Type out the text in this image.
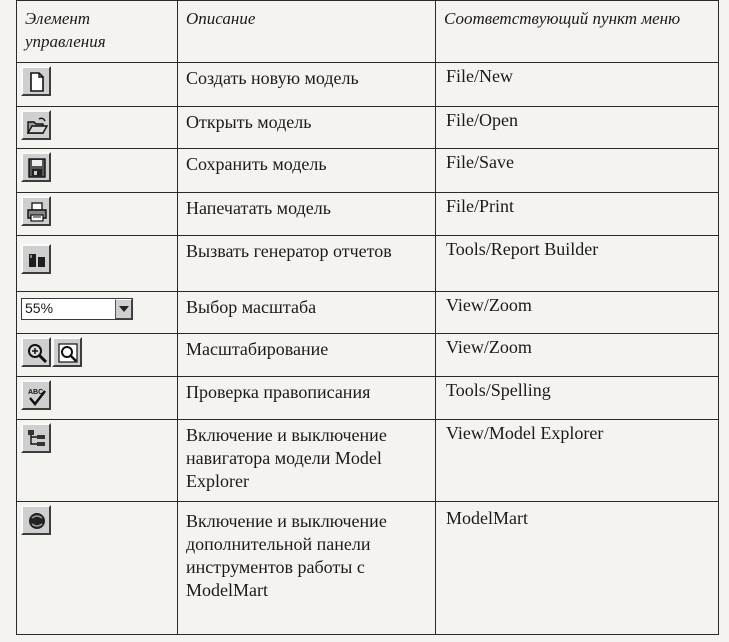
Элемент управления	Описание	Соответствующий пункт меню

	Создать новую модель	File/New

	Открыть модель	File/Open

	Сохранить модель	File/Save

	Напечатать модель	File/Print

	Вызвать генератор отчетов	Tools/Report Builder

55%	Выбор масштаба	View/Zoom

	Масштабирование	View/Zoom

ABC	Проверка правописания	Tools/Spelling

	Включение и выключение навигатора модели Model Explorer	View/Model Explorer

	Включение и выключение дополнительной панели инструментов работы с ModelMart	ModelMart
